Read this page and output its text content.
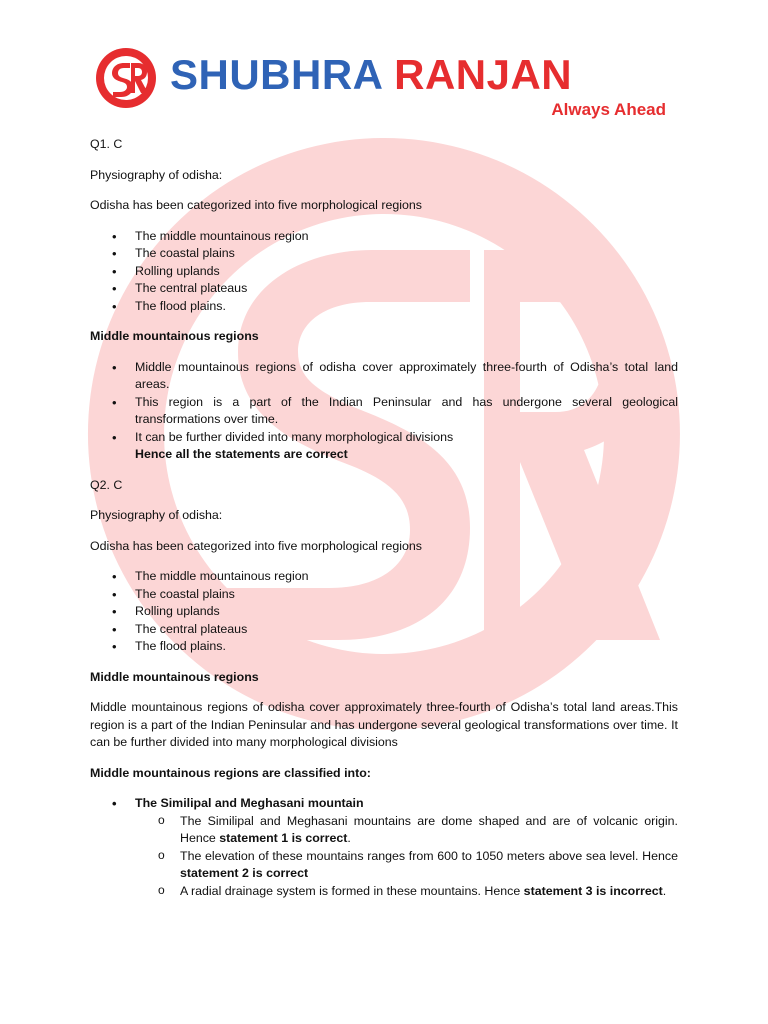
SHUBHRA RANJAN
Always Ahead

Q1. C

Physiography of odisha:

Odisha has been categorized into five morphological regions

• The middle mountainous region
• The coastal plains
• Rolling uplands
• The central plateaus
• The flood plains.

Middle mountainous regions

• Middle mountainous regions of odisha cover approximately three-fourth of Odisha’s total land areas.
• This region is a part of the Indian Peninsular and has undergone several geological transformations over time.
• It can be further divided into many morphological divisions
Hence all the statements are correct

Q2. C

Physiography of odisha:

Odisha has been categorized into five morphological regions

• The middle mountainous region
• The coastal plains
• Rolling uplands
• The central plateaus
• The flood plains.

Middle mountainous regions

Middle mountainous regions of odisha cover approximately three-fourth of Odisha’s total land areas.This region is a part of the Indian Peninsular and has undergone several geological transformations over time. It can be further divided into many morphological divisions

Middle mountainous regions are classified into:

• The Similipal and Meghasani mountain
o The Similipal and Meghasani mountains are dome shaped and are of volcanic origin. Hence statement 1 is correct.
o The elevation of these mountains ranges from 600 to 1050 meters above sea level. Hence statement 2 is correct
o A radial drainage system is formed in these mountains. Hence statement 3 is incorrect.
